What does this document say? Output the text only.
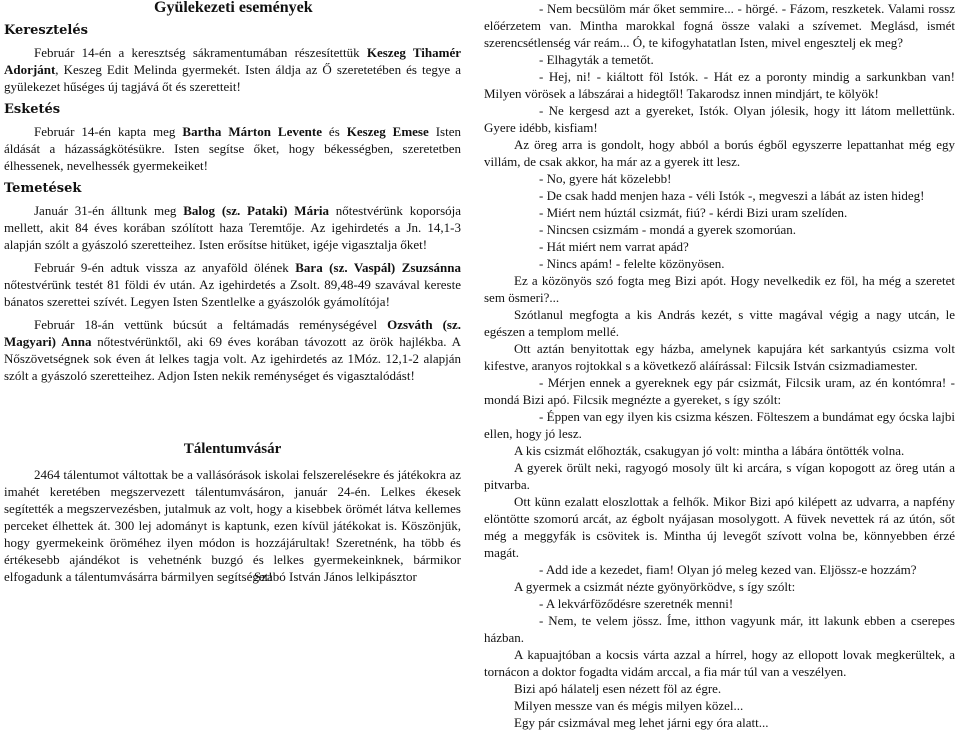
Gyülekezeti események

Keresztelés

Február 14-én a keresztség sákramentumában részesítettük Keszeg Tihamér Adorjánt, Keszeg Edit Melinda gyermekét. Isten áldja az Ő szeretetében és tegye a gyülekezet hűséges új tagjává őt és szeretteit!

Esketés

Február 14-én kapta meg Bartha Márton Levente és Keszeg Emese Isten áldását a házasságkötésükre. Isten segítse őket, hogy békességben, szeretetben élhessenek, nevelhessék gyermekeiket!

Temetések

Január 31-én álltunk meg Balog (sz. Pataki) Mária nőtestvérünk koporsója mellett, akit 84 éves korában szólított haza Teremtője. Az igehirdetés a Jn. 14,1-3 alapján szólt a gyászoló szeretteihez. Isten erősítse hitüket, igéje vigasztalja őket!

Február 9-én adtuk vissza az anyaföld ölének Bara (sz. Vaspál) Zsuzsánna nőtestvérünk testét 81 földi év után. Az igehirdetés a Zsolt. 89,48-49 szavával kereste bánatos szerettei szívét. Legyen Isten Szentlelke a gyászolók gyámolítója!

Február 18-án vettünk búcsút a feltámadás reménységével Ozsváth (sz. Magyari) Anna nőtestvérünktől, aki 69 éves korában távozott az örök hajlékba. A Nőszövetségnek sok éven át lelkes tagja volt. Az igehirdetés az 1Móz. 12,1-2 alapján szólt a gyászoló szeretteihez. Adjon Isten nekik reménységet és vigasztalódást!

Tálentumvásár

2464 tálentumot váltottak be a vallásórások iskolai felszerelésekre és játékokra az imahét keretében megszervezett tálentumvásáron, január 24-én. Lelkes ékesek segítették a megszervezésben, jutalmuk az volt, hogy a kisebbek örömét látva kellemes perceket élhettek át. 300 lej adományt is kaptunk, ezen kívül játékokat is. Köszönjük, hogy gyermekeink öröméhez ilyen módon is hozzájárultak! Szeretnénk, ha több és értékesebb ajándékot is vehetnénk buzgó és lelkes gyermekeinknek, bármikor elfogadunk a tálentumvásárra bármilyen segítséget!

Szabó István János lelkipásztor

- Nem becsülöm már őket semmire... - hörgé. - Fázom, reszketek. Valami rossz előérzetem van. Mintha marokkal fogná össze valaki a szívemet. Meglásd, ismét szerencsétlenség vár reám... Ó, te kifogyhatatlan Isten, mivel engesztelj ek meg?

- Elhagyták a temetőt.

- Hej, ni! - kiáltott föl Istók. - Hát ez a poronty mindig a sarkunkban van! Milyen vörösek a lábszárai a hidegtől! Takarodsz innen mindjárt, te kölyök!

- Ne kergesd azt a gyereket, Istók. Olyan jólesik, hogy itt látom mellettünk. Gyere idébb, kisfiam!

Az öreg arra is gondolt, hogy abból a borús égből egyszerre lepattanhat még egy villám, de csak akkor, ha már az a gyerek itt lesz.

- No, gyere hát közelebb!

- De csak hadd menjen haza - véli Istók -, megveszi a lábát az isten hideg!

- Miért nem húztál csizmát, fiú? - kérdi Bizi uram szelíden.

- Nincsen csizmám - mondá a gyerek szomorúan.

- Hát miért nem varrat apád?

- Nincs apám! - felelte közönyösen.

Ez a közönyös szó fogta meg Bizi apót. Hogy nevelkedik ez föl, ha még a szeretet sem ösmeri?...

Szótlanul megfogta a kis András kezét, s vitte magával végig a nagy utcán, le egészen a templom mellé.

Ott aztán benyitottak egy házba, amelynek kapujára két sarkantyús csizma volt kifestve, aranyos rojtokkal s a következő aláírással: Filcsik István csizmadiamester.

- Mérjen ennek a gyereknek egy pár csizmát, Filcsik uram, az én kontómra! - mondá Bizi apó. Filcsik megnézte a gyereket, s így szólt:

- Éppen van egy ilyen kis csizma készen. Fölteszem a bundámat egy ócska lajbi ellen, hogy jó lesz.

A kis csizmát előhozták, csakugyan jó volt: mintha a lábára öntötték volna.

A gyerek örült neki, ragyogó mosoly ült ki arcára, s vígan kopogott az öreg után a pitvarba.

Ott künn ezalatt eloszlottak a felhők. Mikor Bizi apó kilépett az udvarra, a napfény elöntötte szomorú arcát, az égbolt nyájasan mosolygott. A füvek nevettek rá az útón, sőt még a meggyfák is csövitek is. Mintha új levegőt szívott volna be, könnyebben érzé magát.

- Add ide a kezedet, fiam! Olyan jó meleg kezed van. Eljössz-e hozzám?

A gyermek a csizmát nézte gyönyörködve, s így szólt:

- A lekvárföződésre szeretnék menni!

- Nem, te velem jössz. Íme, itthon vagyunk már, itt lakunk ebben a cserepes házban.

A kapuajtóban a kocsis várta azzal a hírrel, hogy az ellopott lovak megkerültek, a tornácon a doktor fogadta vidám arccal, a fia már túl van a veszélyen.

Bizi apó hálatelj esen nézett föl az égre.

Milyen messze van és mégis milyen közel...

Egy pár csizmával meg lehet járni egy óra alatt...
